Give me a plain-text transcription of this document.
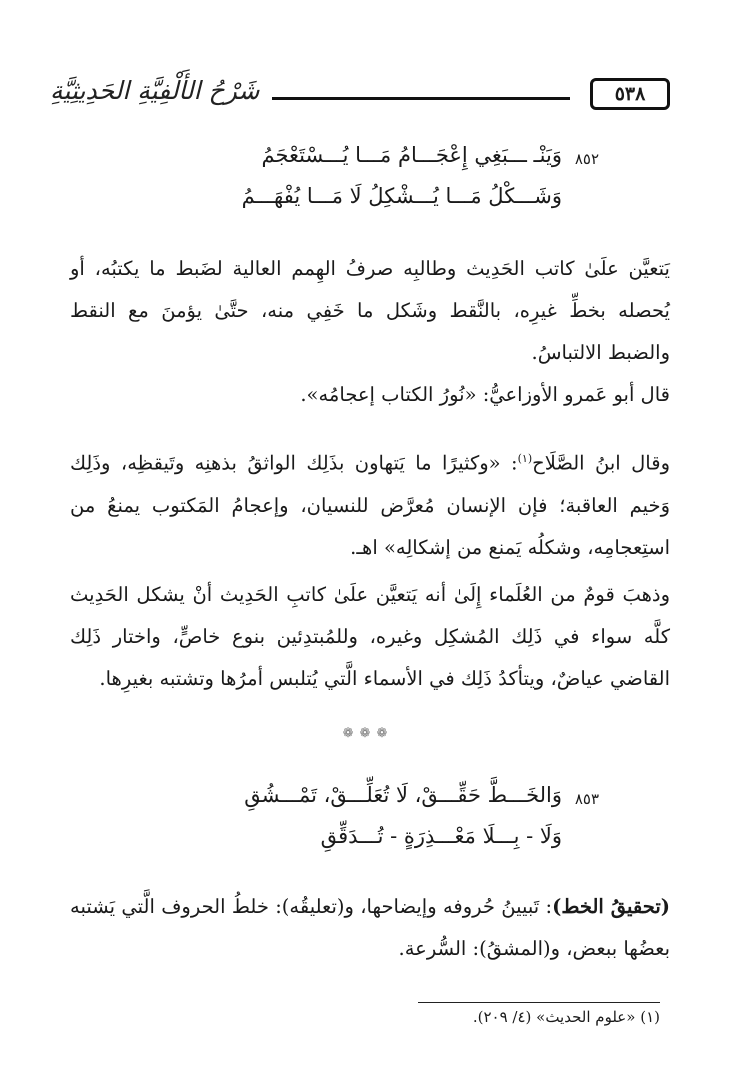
شَرْحُ الأَلْفِيَّةِ الحَدِيثِيَّةِ	٥٣٨
٨٥٢
وَيَنْـ ـــبَغِي إِعْجَـــامُ مَـــا يُـــسْتَعْجَمُ
وَشَـــكْلُ مَـــا يُـــشْكِلُ لَا مَـــا يُفْهَـــمُ
يَتعيَّن علَىٰ كاتب الحَدِيث وطالبِه صرفُ الهِمم العالية لضَبط ما يكتبُه، أو يُحصله بخطِّ غيرِه، بالنَّقط وشَكل ما خَفِي منه، حتَّىٰ يؤمنَ مع النقط والضبط الالتباسُ.
قال أبو عَمرو الأوزاعيُّ: «نُورُ الكتاب إعجامُه».
وقال ابنُ الصَّلَاح$^{(١)}$: «وكثيرًا ما يَتهاون بذَلِك الواثقُ بذهنِه وتَيقظِه، وذَلِك وَخيم العاقبة؛ فإن الإنسان مُعرَّض للنسيان، وإعجامُ المَكتوب يمنعُ من استِعجامِه، وشكلُه يَمنع من إشكالِه» اهـ.
وذهبَ قومٌ من العُلَماء إِلَىٰ أنه يَتعيَّن علَىٰ كاتبِ الحَدِيث أنْ يشكل الحَدِيث كلَّه سواء في ذَلِك المُشكِل وغيره، وللمُبتدِئين بنوع خاصٍّ، واختار ذَلِك القاضي عياضٌ، ويتأكدُ ذَلِك في الأسماء الَّتي يُتلبس أمرُها وتشتبه بغيرِها.
❁❁❁
٨٥٣
وَالخَـــطَّ حَقِّـــقْ، لَا تُعَلِّـــقْ، تَمْـــشُقِ
وَلَا - بِـــلَا مَعْـــذِرَةٍ - تُـــدَقِّقِ
(تحقيقُ الخط): تَبيينُ حُروفه وإيضاحها، و(تعليقُه): خلطُ الحروف الَّتي يَشتبه بعضُها ببعض، و(المشقُ): السُّرعة.
(١) «علوم الحديث» (٤/ ٢٠٩).
